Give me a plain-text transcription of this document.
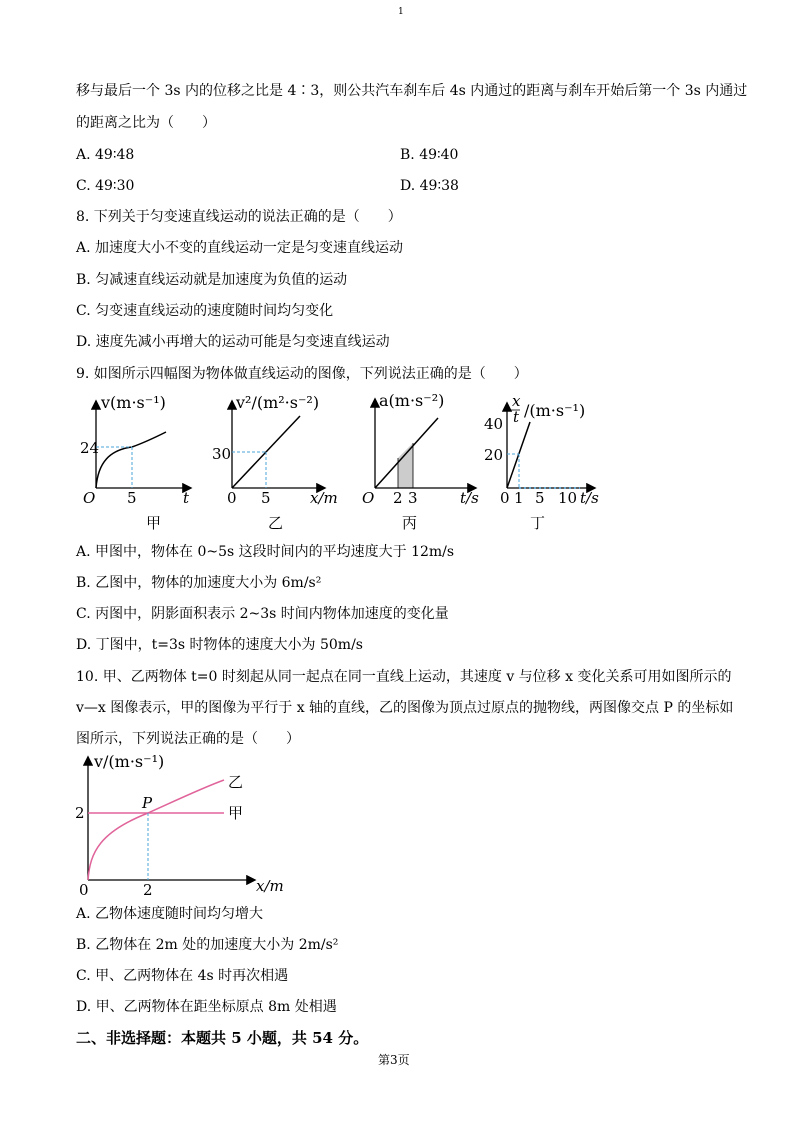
1
移与最后一个 3s 内的位移之比是 4∶3，则公共汽车刹车后 4s 内通过的距离与刹车开始后第一个 3s 内通过
的距离之比为（　　）
A. 49∶48	B. 49∶40
C. 49∶30	D. 49∶38
8. 下列关于匀变速直线运动的说法正确的是（　　）
A. 加速度大小不变的直线运动一定是匀变速直线运动
B. 匀减速直线运动就是加速度为负值的运动
C. 匀变速直线运动的速度随时间均匀变化
D. 速度先减小再增大的运动可能是匀变速直线运动
9. 如图所示四幅图为物体做直线运动的图像，下列说法正确的是（　　）
v(m·s⁻¹)
24
5	t
O
甲
v²/(m²·s⁻²)
30
0 5	x/m
乙
a(m·s⁻²)
O 2 3	t/s
丙
x
t /(m·s⁻¹)
40
20
0 1 5 10 t/s
丁
A. 甲图中，物体在 0~5s 这段时间内的平均速度大于 12m/s
B. 乙图中，物体的加速度大小为 6m/s²
C. 丙图中，阴影面积表示 2~3s 时间内物体加速度的变化量
D. 丁图中，t=3s 时物体的速度大小为 50m/s
10. 甲、乙两物体 t=0 时刻起从同一起点在同一直线上运动，其速度 v 与位移 x 变化关系可用如图所示的
v—x 图像表示，甲的图像为平行于 x 轴的直线，乙的图像为顶点过原点的抛物线，两图像交点 P 的坐标如
图所示，下列说法正确的是（　　）
v/(m·s⁻¹)
2
0	2	x/m
P
乙
甲
A. 乙物体速度随时间均匀增大
B. 乙物体在 2m 处的加速度大小为 2m/s²
C. 甲、乙两物体在 4s 时再次相遇
D. 甲、乙两物体在距坐标原点 8m 处相遇
二、非选择题：本题共 5 小题，共 54 分。
第3页
